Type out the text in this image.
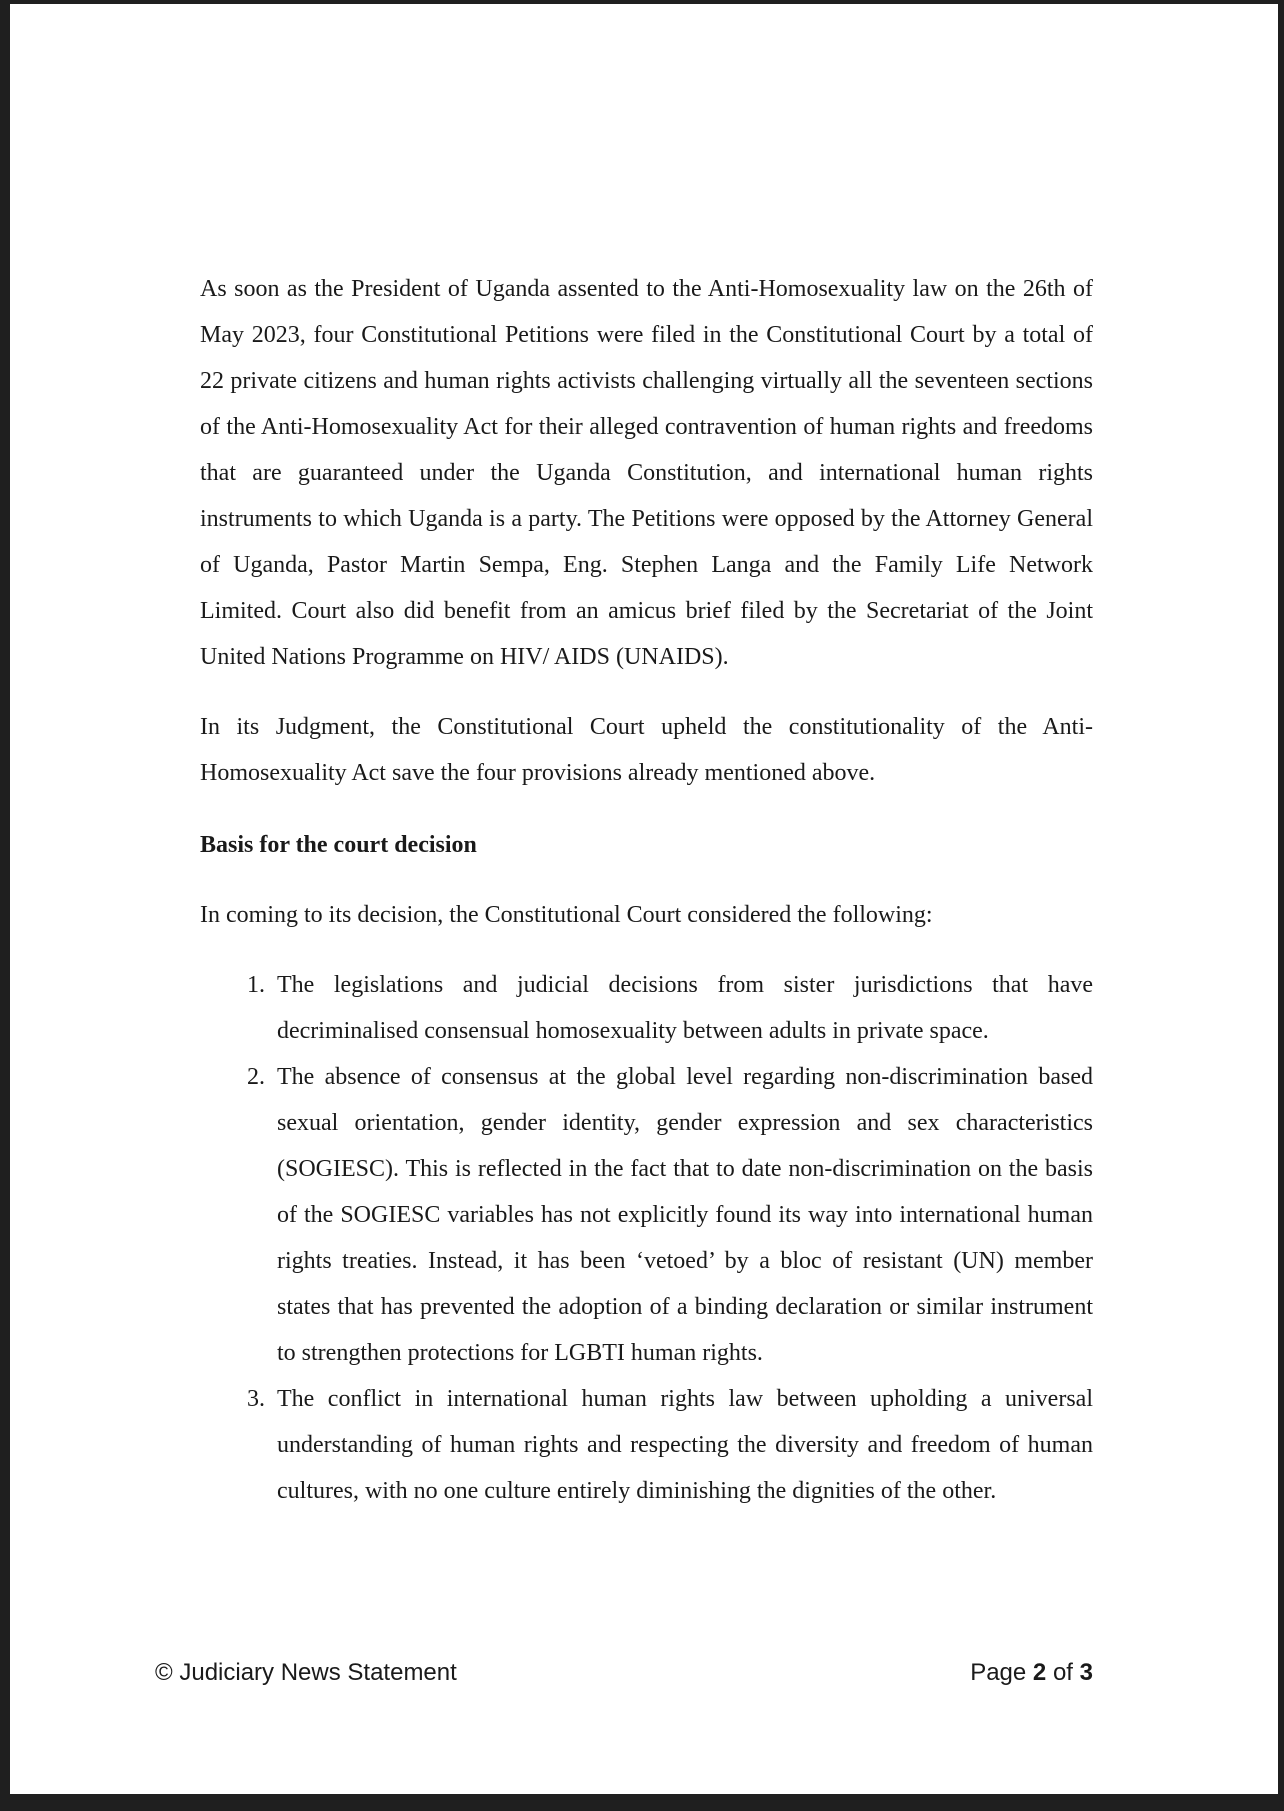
As soon as the President of Uganda assented to the Anti-Homosexuality law on the 26th of May 2023, four Constitutional Petitions were filed in the Constitutional Court by a total of 22 private citizens and human rights activists challenging virtually all the seventeen sections of the Anti-Homosexuality Act for their alleged contravention of human rights and freedoms that are guaranteed under the Uganda Constitution, and international human rights instruments to which Uganda is a party. The Petitions were opposed by the Attorney General of Uganda, Pastor Martin Sempa, Eng. Stephen Langa and the Family Life Network Limited. Court also did benefit from an amicus brief filed by the Secretariat of the Joint United Nations Programme on HIV/ AIDS (UNAIDS).

In its Judgment, the Constitutional Court upheld the constitutionality of the Anti-Homosexuality Act save the four provisions already mentioned above.

Basis for the court decision

In coming to its decision, the Constitutional Court considered the following:

1. The legislations and judicial decisions from sister jurisdictions that have decriminalised consensual homosexuality between adults in private space.
2. The absence of consensus at the global level regarding non-discrimination based sexual orientation, gender identity, gender expression and sex characteristics (SOGIESC). This is reflected in the fact that to date non-discrimination on the basis of the SOGIESC variables has not explicitly found its way into international human rights treaties. Instead, it has been ‘vetoed’ by a bloc of resistant (UN) member states that has prevented the adoption of a binding declaration or similar instrument to strengthen protections for LGBTI human rights.
3. The conflict in international human rights law between upholding a universal understanding of human rights and respecting the diversity and freedom of human cultures, with no one culture entirely diminishing the dignities of the other.
© Judiciary News Statement	Page 2 of 3
